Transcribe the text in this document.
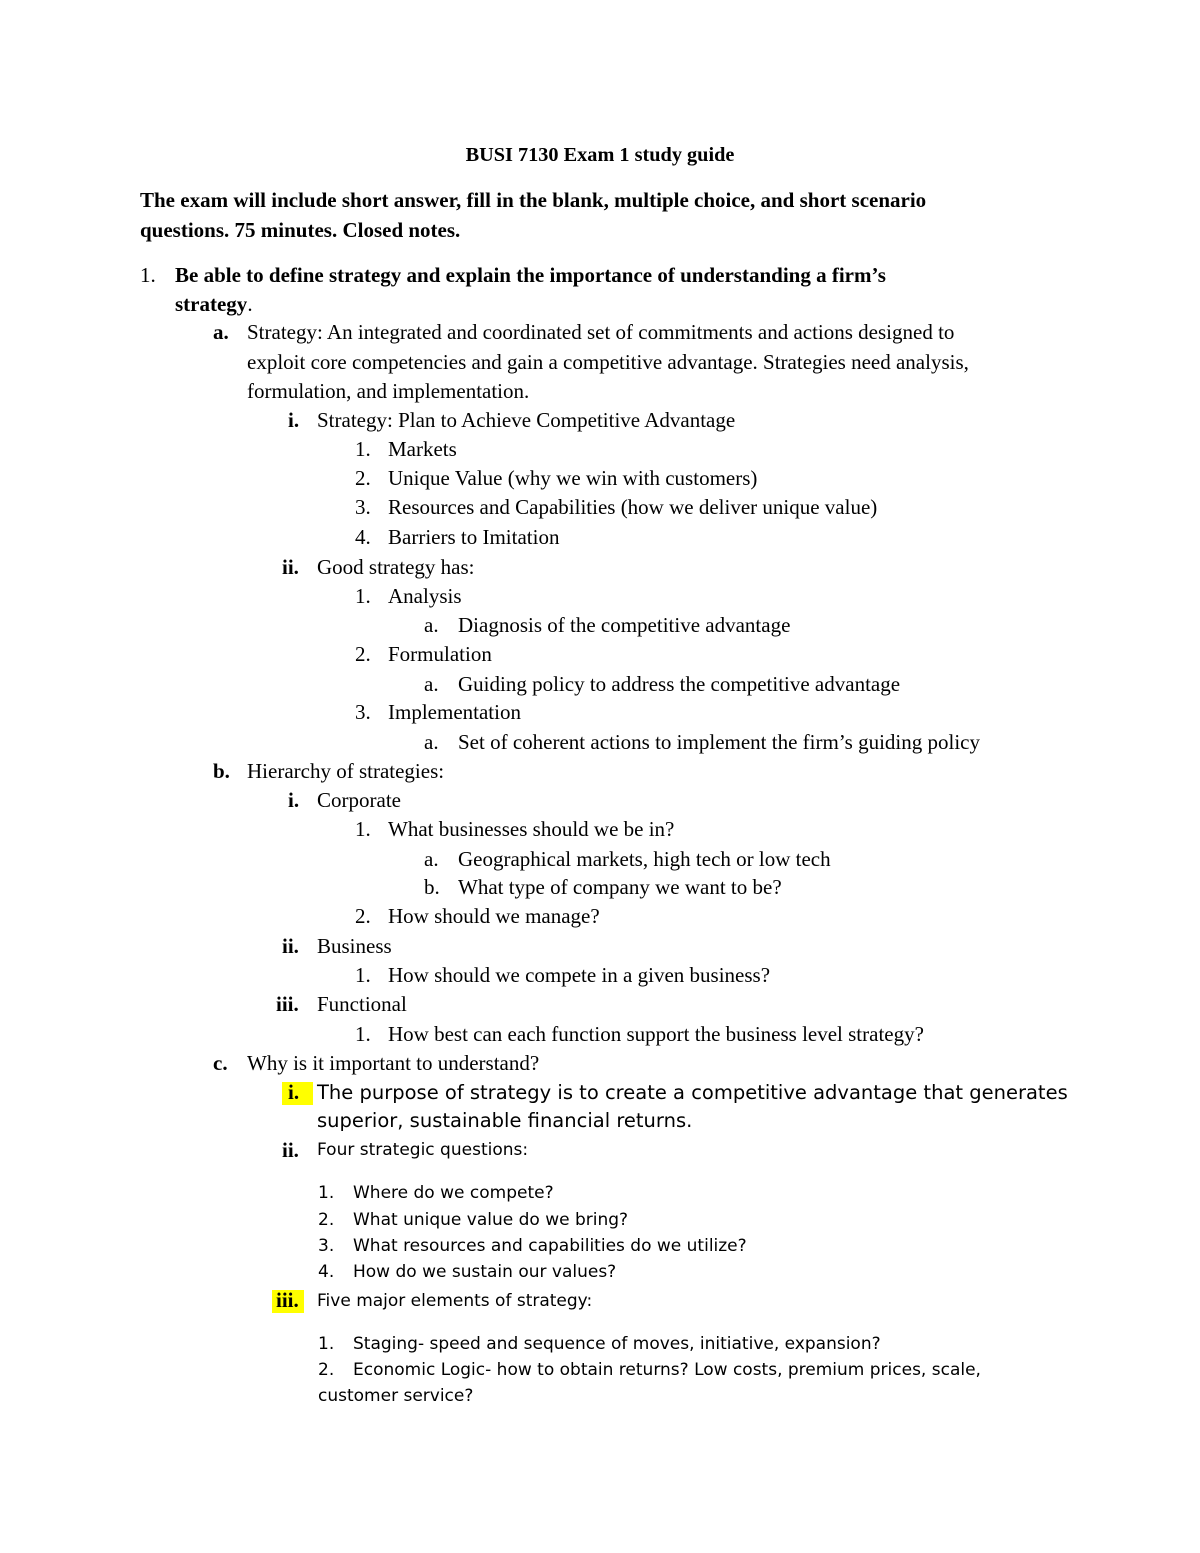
BUSI 7130 Exam 1 study guide
The exam will include short answer, fill in the blank, multiple choice, and short scenario
questions. 75 minutes. Closed notes.
1. Be able to define strategy and explain the importance of understanding a firm’s
strategy.
a. Strategy: An integrated and coordinated set of commitments and actions designed to
exploit core competencies and gain a competitive advantage. Strategies need analysis,
formulation, and implementation.
i. Strategy: Plan to Achieve Competitive Advantage
1. Markets
2. Unique Value (why we win with customers)
3. Resources and Capabilities (how we deliver unique value)
4. Barriers to Imitation
ii. Good strategy has:
1. Analysis
a. Diagnosis of the competitive advantage
2. Formulation
a. Guiding policy to address the competitive advantage
3. Implementation
a. Set of coherent actions to implement the firm’s guiding policy
b. Hierarchy of strategies:
i. Corporate
1. What businesses should we be in?
a. Geographical markets, high tech or low tech
b. What type of company we want to be?
2. How should we manage?
ii. Business
1. How should we compete in a given business?
iii. Functional
1. How best can each function support the business level strategy?
c. Why is it important to understand?
i. The purpose of strategy is to create a competitive advantage that generates
superior, sustainable financial returns.
ii. Four strategic questions:
1. Where do we compete?
2. What unique value do we bring?
3. What resources and capabilities do we utilize?
4. How do we sustain our values?
iii. Five major elements of strategy:
1. Staging- speed and sequence of moves, initiative, expansion?
2. Economic Logic- how to obtain returns? Low costs, premium prices, scale,
customer service?
